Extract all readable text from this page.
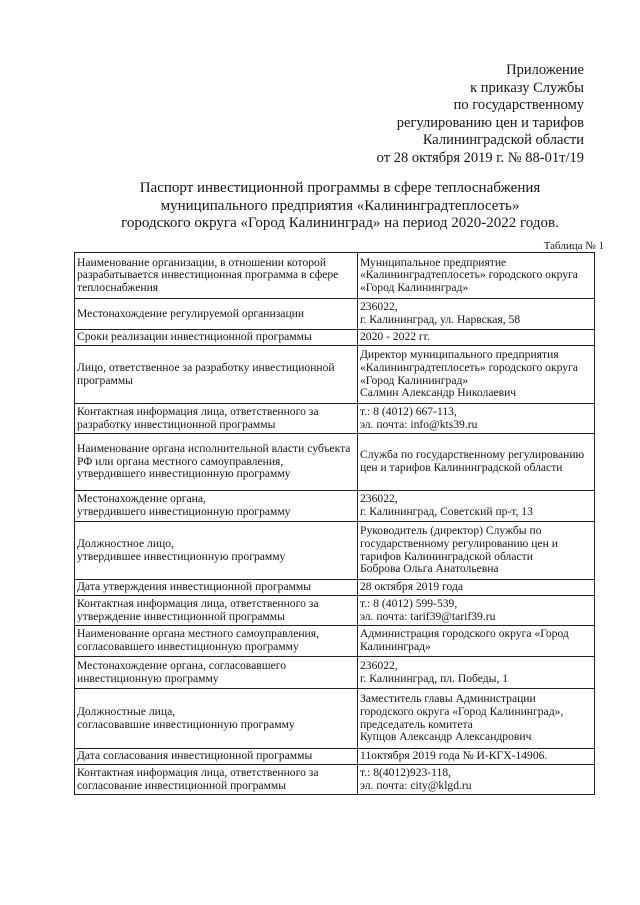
Приложение
к приказу Службы
по государственному
регулированию цен и тарифов
Калининградской области
от 28 октября 2019 г. № 88-01т/19
Паспорт инвестиционной программы в сфере теплоснабжения
муниципального предприятия «Калининградтеплосеть»
городского округа «Город Калининград» на период 2020-2022 годов.
Таблица № 1
Наименование организации, в отношении которой разрабатывается инвестиционная программа в сфере теплоснабжения	Муниципальное предприятие «Калининградтеплосеть» городского округа «Город Калининград»
Местонахождение регулируемой организации	236022,
г. Калининград, ул. Нарвская, 58
Сроки реализации инвестиционной программы	2020 - 2022 гг.
Лицо, ответственное за разработку инвестиционной программы	Директор муниципального предприятия «Калининградтеплосеть» городского округа «Город Калининград»
Салмин Александр Николаевич
Контактная информация лица, ответственного за разработку инвестиционной программы	т.: 8 (4012) 667-113,
эл. почта: info@kts39.ru
Наименование органа исполнительной власти субъекта РФ или органа местного самоуправления, утвердившего инвестиционную программу	Служба по государственному регулированию цен и тарифов Калининградской области
Местонахождение органа,
утвердившего инвестиционную программу	236022,
г. Калининград, Советский пр-т, 13
Должностное лицо,
утвердившее инвестиционную программу	Руководитель (директор) Службы по государственному регулированию цен и тарифов Калининградской области
Боброва Ольга Анатольевна
Дата утверждения инвестиционной программы	28 октября 2019 года
Контактная информация лица, ответственного за утверждение инвестиционной программы	т.: 8 (4012) 599-539,
эл. почта: tarif39@tarif39.ru
Наименование органа местного самоуправления, согласовавшего инвестиционную программу	Администрация городского округа «Город Калининград»
Местонахождение органа, согласовавшего инвестиционную программу	236022,
г. Калининград, пл. Победы, 1
Должностные лица,
согласовавшие инвестиционную программу	Заместитель главы Администрации городского округа «Город Калининград», председатель комитета
Купцов Александр Александрович
Дата согласования инвестиционной программы	11октября 2019 года № И-КГХ-14906.
Контактная информация лица, ответственного за согласование инвестиционной программы	т.: 8(4012)923-118,
эл. почта: city@klgd.ru
